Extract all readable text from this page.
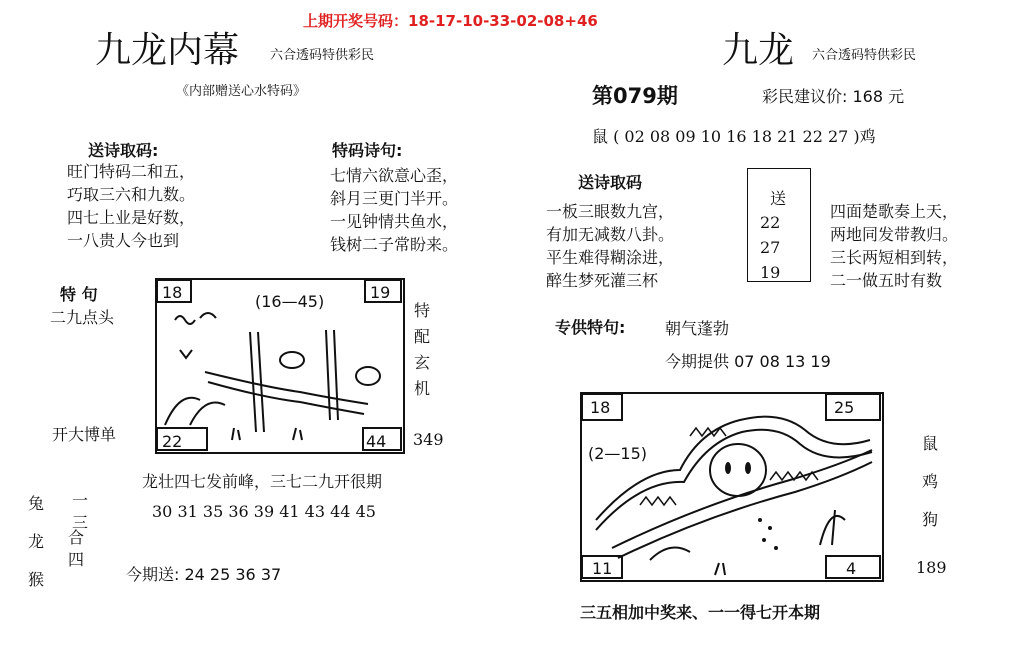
上期开奖号码：18-17-10-33-02-08+46
九龙内幕 六合透码特供彩民
《内部赠送心水特码》
送诗取码:
旺门特码二和五，
巧取三六和九数。
四七上业是好数，
一八贵人今也到
特码诗句:
七情六欲意心歪，
斜月三更门半开。
一见钟情共鱼水，
钱树二子常盼来。
特 句
二九点头
18	19
22	44
(16—45)	特
配
玄
机
开大博单	349
龙壮四七发前峰，三七二九开很期
兔
龙
猴
一
三
合
四
30 31 35 36 39 41 43 44 45
今期送: 24 25 36 37
九龙 六合透码特供彩民
第079期	彩民建议价: 168 元
鼠 ( 02 08 09 10 16 18 21 22 27 )鸡
送诗取码
一板三眼数九宫，
有加无减数八卦。
平生难得糊涂进，
醉生梦死灌三杯
送
22
27
19
四面楚歌奏上天，
两地同发带教归。
三长两短相到转，
二一做五时有数
专供特句: 朝气蓬勃
今期提供 07 08 13 19
18	25
11	4
(2—15)
鼠
鸡
狗
189
三五相加中奖来、一一得七开本期
